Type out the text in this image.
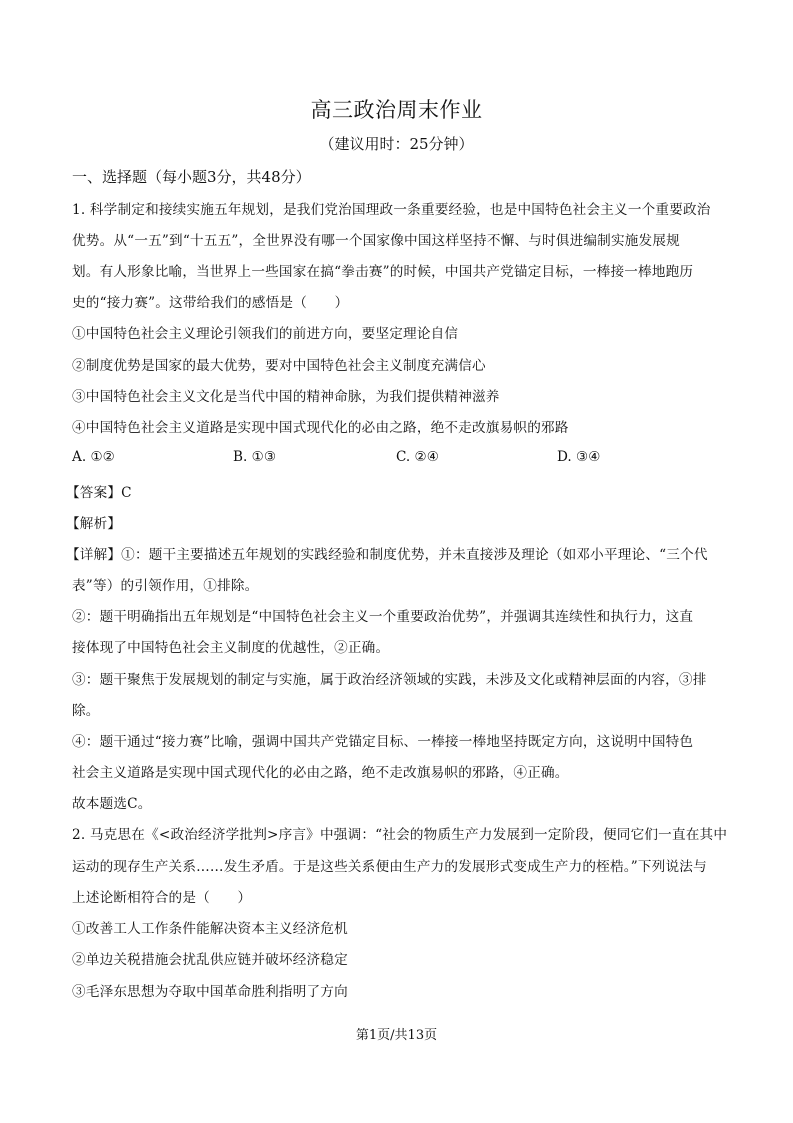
高三政治周末作业
（建议用时：25分钟）
一、选择题（每小题3分，共48分）
1. 科学制定和接续实施五年规划，是我们党治国理政一条重要经验，也是中国特色社会主义一个重要政治
优势。从“一五”到“十五五”，全世界没有哪一个国家像中国这样坚持不懈、与时俱进编制实施发展规
划。有人形象比喻，当世界上一些国家在搞“拳击赛”的时候，中国共产党锚定目标，一棒接一棒地跑历
史的“接力赛”。这带给我们的感悟是（　　）
①中国特色社会主义理论引领我们的前进方向，要坚定理论自信
②制度优势是国家的最大优势，要对中国特色社会主义制度充满信心
③中国特色社会主义文化是当代中国的精神命脉，为我们提供精神滋养
④中国特色社会主义道路是实现中国式现代化的必由之路，绝不走改旗易帜的邪路
A. ①②	B. ①③	C. ②④	D. ③④
【答案】C
【解析】
【详解】①：题干主要描述五年规划的实践经验和制度优势，并未直接涉及理论（如邓小平理论、“三个代
表”等）的引领作用，①排除。
②：题干明确指出五年规划是“中国特色社会主义一个重要政治优势”，并强调其连续性和执行力，这直
接体现了中国特色社会主义制度的优越性，②正确。
③：题干聚焦于发展规划的制定与实施，属于政治经济领域的实践，未涉及文化或精神层面的内容，③排
除。
④：题干通过“接力赛”比喻，强调中国共产党锚定目标、一棒接一棒地坚持既定方向，这说明中国特色
社会主义道路是实现中国式现代化的必由之路，绝不走改旗易帜的邪路，④正确。
故本题选C。
2. 马克思在《<政治经济学批判>序言》中强调：“社会的物质生产力发展到一定阶段，便同它们一直在其中
运动的现存生产关系……发生矛盾。于是这些关系便由生产力的发展形式变成生产力的桎梏。”下列说法与
上述论断相符合的是（　　）
①改善工人工作条件能解决资本主义经济危机
②单边关税措施会扰乱供应链并破坏经济稳定
③毛泽东思想为夺取中国革命胜利指明了方向
第1页/共13页
